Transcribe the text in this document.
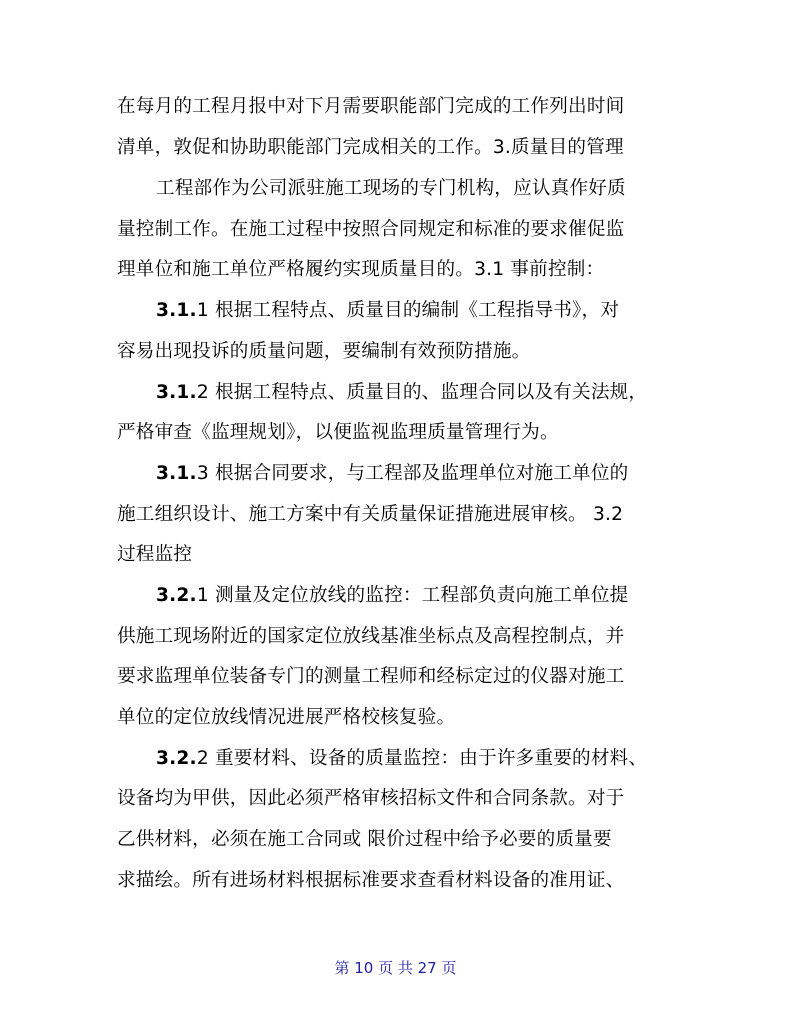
在每月的工程月报中对下月需要职能部门完成的工作列出时间
清单，敦促和协助职能部门完成相关的工作。3.质量目的管理
工程部作为公司派驻施工现场的专门机构，应认真作好质
量控制工作。在施工过程中按照合同规定和标准的要求催促监
理单位和施工单位严格履约实现质量目的。3.1 事前控制：
3.1.1 根据工程特点、质量目的编制《工程指导书》，对
容易出现投诉的质量问题，要编制有效预防措施。
3.1.2 根据工程特点、质量目的、监理合同以及有关法规，
严格审查《监理规划》，以便监视监理质量管理行为。
3.1.3 根据合同要求，与工程部及监理单位对施工单位的
施工组织设计、施工方案中有关质量保证措施进展审核。 3.2
过程监控
3.2.1 测量及定位放线的监控：工程部负责向施工单位提
供施工现场附近的国家定位放线基准坐标点及高程控制点，并
要求监理单位装备专门的测量工程师和经标定过的仪器对施工
单位的定位放线情况进展严格校核复验。
3.2.2 重要材料、设备的质量监控：由于许多重要的材料、
设备均为甲供，因此必须严格审核招标文件和合同条款。对于
乙供材料，必须在施工合同或 限价过程中给予必要的质量要
求描绘。所有进场材料根据标准要求查看材料设备的准用证、
第 10 页 共 27 页
